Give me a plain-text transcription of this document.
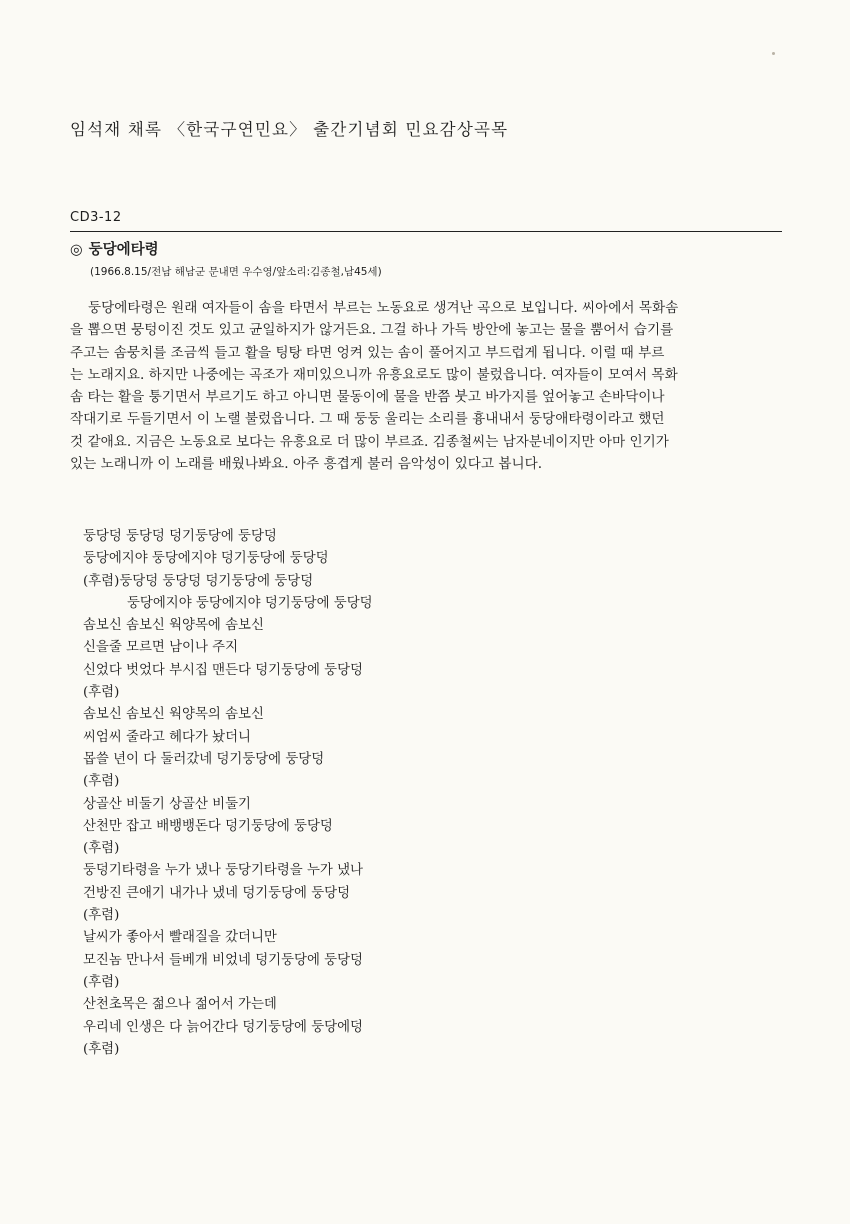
임석재 채록 〈한국구연민요〉 출간기념회 민요감상곡목
CD3-12
◎ 둥당에타령
(1966.8.15/전남 해남군 문내면 우수영/앞소리:김종철,남45세)
둥당에타령은 원래 여자들이 솜을 타면서 부르는 노동요로 생겨난 곡으로 보입니다. 씨아에서 목화솜
을 뽑으면 뭉텅이진 것도 있고 균일하지가 않거든요. 그걸 하나 가득 방안에 놓고는 물을 뿜어서 습기를
주고는 솜뭉치를 조금씩 들고 활을 팅탕 타면 엉켜 있는 솜이 풀어지고 부드럽게 됩니다. 이럴 때 부르
는 노래지요. 하지만 나중에는 곡조가 재미있으니까 유흥요로도 많이 불렀읍니다. 여자들이 모여서 목화
솜 타는 활을 퉁기면서 부르기도 하고 아니면 물동이에 물을 반쯤 붓고 바가지를 엎어놓고 손바닥이나
작대기로 두들기면서 이 노랠 불렀읍니다. 그 때 둥둥 울리는 소리를 흉내내서 둥당애타령이라고 했던
것 같애요. 지금은 노동요로 보다는 유흥요로 더 많이 부르죠. 김종철씨는 남자분네이지만 아마 인기가
있는 노래니까 이 노래를 배웠나봐요. 아주 흥겹게 불러 음악성이 있다고 봅니다.
둥당덩 둥당덩 덩기둥당에 둥당덩
둥당에지야 둥당에지야 덩기둥당에 둥당덩
(후렴)둥당덩 둥당덩 덩기둥당에 둥당덩
둥당에지야 둥당에지야 덩기둥당에 둥당덩
솜보신 솜보신 웍양목에 솜보신
신을줄 모르면 남이나 주지
신었다 벗었다 부시집 맨든다 덩기둥당에 둥당덩
(후렴)
솜보신 솜보신 웍양목의 솜보신
씨엄씨 줄라고 헤다가 놨더니
몹쓸 년이 다 둘러갔네 덩기둥당에 둥당덩
(후렴)
상골산 비둘기 상골산 비둘기
산천만 잡고 배뱅뱅돈다 덩기둥당에 둥당덩
(후렴)
둥덩기타령을 누가 냈나 둥당기타령을 누가 냈나
건방진 큰애기 내가나 냈네 덩기둥당에 둥당덩
(후렴)
날씨가 좋아서 빨래질을 갔더니만
모진놈 만나서 들베개 비었네 덩기둥당에 둥당덩
(후렴)
산천초목은 젊으나 젊어서 가는데
우리네 인생은 다 늙어간다 덩기둥당에 둥당에덩
(후렴)
